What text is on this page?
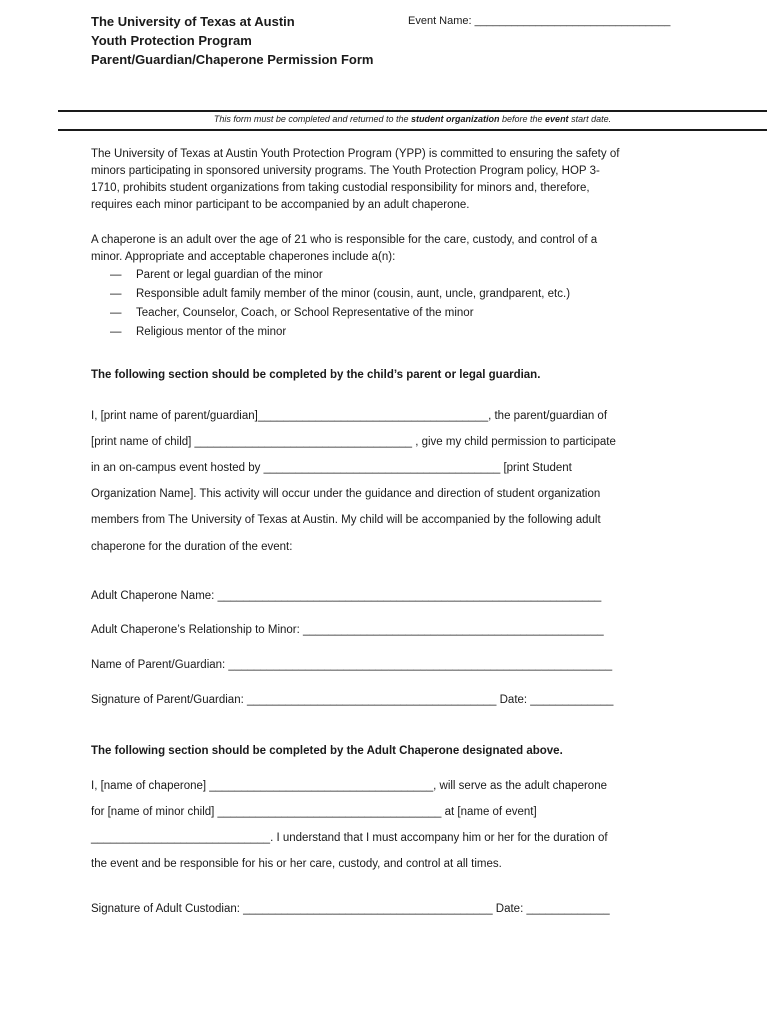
The University of Texas at Austin
Youth Protection Program
Parent/Guardian/Chaperone Permission Form
Event Name: ________________________________
This form must be completed and returned to the student organization before the event start date.
The University of Texas at Austin Youth Protection Program (YPP) is committed to ensuring the safety of
minors participating in sponsored university programs. The Youth Protection Program policy, HOP 3-
1710, prohibits student organizations from taking custodial responsibility for minors and, therefore,
requires each minor participant to be accompanied by an adult chaperone.
A chaperone is an adult over the age of 21 who is responsible for the care, custody, and control of a
minor. Appropriate and acceptable chaperones include a(n):
— Parent or legal guardian of the minor
— Responsible adult family member of the minor (cousin, aunt, uncle, grandparent, etc.)
— Teacher, Counselor, Coach, or School Representative of the minor
— Religious mentor of the minor
The following section should be completed by the child’s parent or legal guardian.
I, [print name of parent/guardian]____________________________________, the parent/guardian of
[print name of child] __________________________________ , give my child permission to participate
in an on-campus event hosted by _____________________________________ [print Student
Organization Name]. This activity will occur under the guidance and direction of student organization
members from The University of Texas at Austin. My child will be accompanied by the following adult
chaperone for the duration of the event:
Adult Chaperone Name: ____________________________________________________________
Adult Chaperone’s Relationship to Minor: _______________________________________________
Name of Parent/Guardian: ____________________________________________________________
Signature of Parent/Guardian: _______________________________________ Date: _____________
The following section should be completed by the Adult Chaperone designated above.
I, [name of chaperone] ___________________________________, will serve as the adult chaperone
for [name of minor child] ___________________________________ at [name of event]
____________________________. I understand that I must accompany him or her for the duration of
the event and be responsible for his or her care, custody, and control at all times.
Signature of Adult Custodian: _______________________________________ Date: _____________
